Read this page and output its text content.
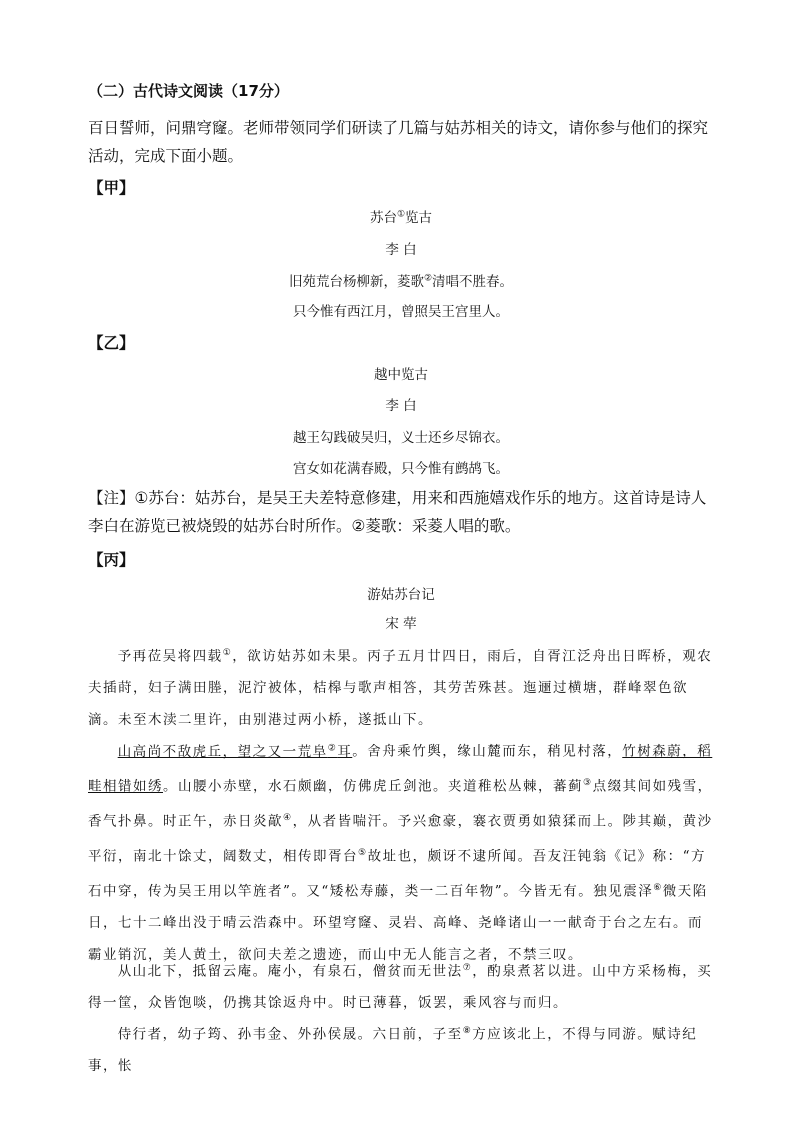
（二）古代诗文阅读（17分）
百日誓师，问鼎穹窿。老师带领同学们研读了几篇与姑苏相关的诗文，请你参与他们的探究活动，完成下面小题。
【甲】
苏台①览古
李 白
旧苑荒台杨柳新，菱歌②清唱不胜春。
只今惟有西江月，曾照吴王宫里人。
【乙】
越中览古
李 白
越王勾践破吴归，义士还乡尽锦衣。
宫女如花满春殿，只今惟有鹧鸪飞。
【注】①苏台：姑苏台，是吴王夫差特意修建，用来和西施嬉戏作乐的地方。这首诗是诗人李白在游览已被烧毁的姑苏台时所作。②菱歌：采菱人唱的歌。
【丙】
游姑苏台记
宋 荦
予再莅吴将四载①，欲访姑苏如未果。丙子五月廿四日，雨后，自胥江泛舟出日晖桥，观农夫插莳，妇子满田塍，泥泞被体，桔槔与歌声相答，其劳苦殊甚。迤逦过横塘，群峰翠色欲滴。未至木渎二里许，由别港过两小桥，遂抵山下。
山高尚不敌虎丘，望之又一荒阜②耳。舍舟乘竹舆，缘山麓而东，稍见村落，竹树森蔚，稻畦相错如绣。山腰小赤壁，水石颇幽，仿佛虎丘剑池。夹道稚松丛棘，蕃蓟③点缀其间如残雪，香气扑鼻。时正午，赤日炎歊④，从者皆喘汗。予兴愈豪，褰衣贾勇如猿猱而上。陟其巅，黄沙平衍，南北十馀丈，阔数丈，相传即胥台⑤故址也，颇讶不逮所闻。吾友汪钝翁《记》称：“方石中穿，传为吴王用以竿旌者”。又“矮松寿藤，类一二百年物”。今皆无有。独见震泽⑥微天陷日，七十二峰出没于晴云浩森中。环望穹窿、灵岩、高峰、尧峰诸山一一献奇于台之左右。而霸业销沉，美人黄土，欲问夫差之遗迹，而山中无人能言之者，不禁三叹。
从山北下，抵留云庵。庵小，有泉石，僧贫而无世法⑦，酌泉煮茗以进。山中方采杨梅，买得一筐，众皆饱啖，仍携其馀返舟中。时已薄暮，饭罢，乘风容与而归。
侍行者，幼子筠、孙韦金、外孙侯晟。六日前，子至⑧方应该北上，不得与同游。赋诗纪事，怅
